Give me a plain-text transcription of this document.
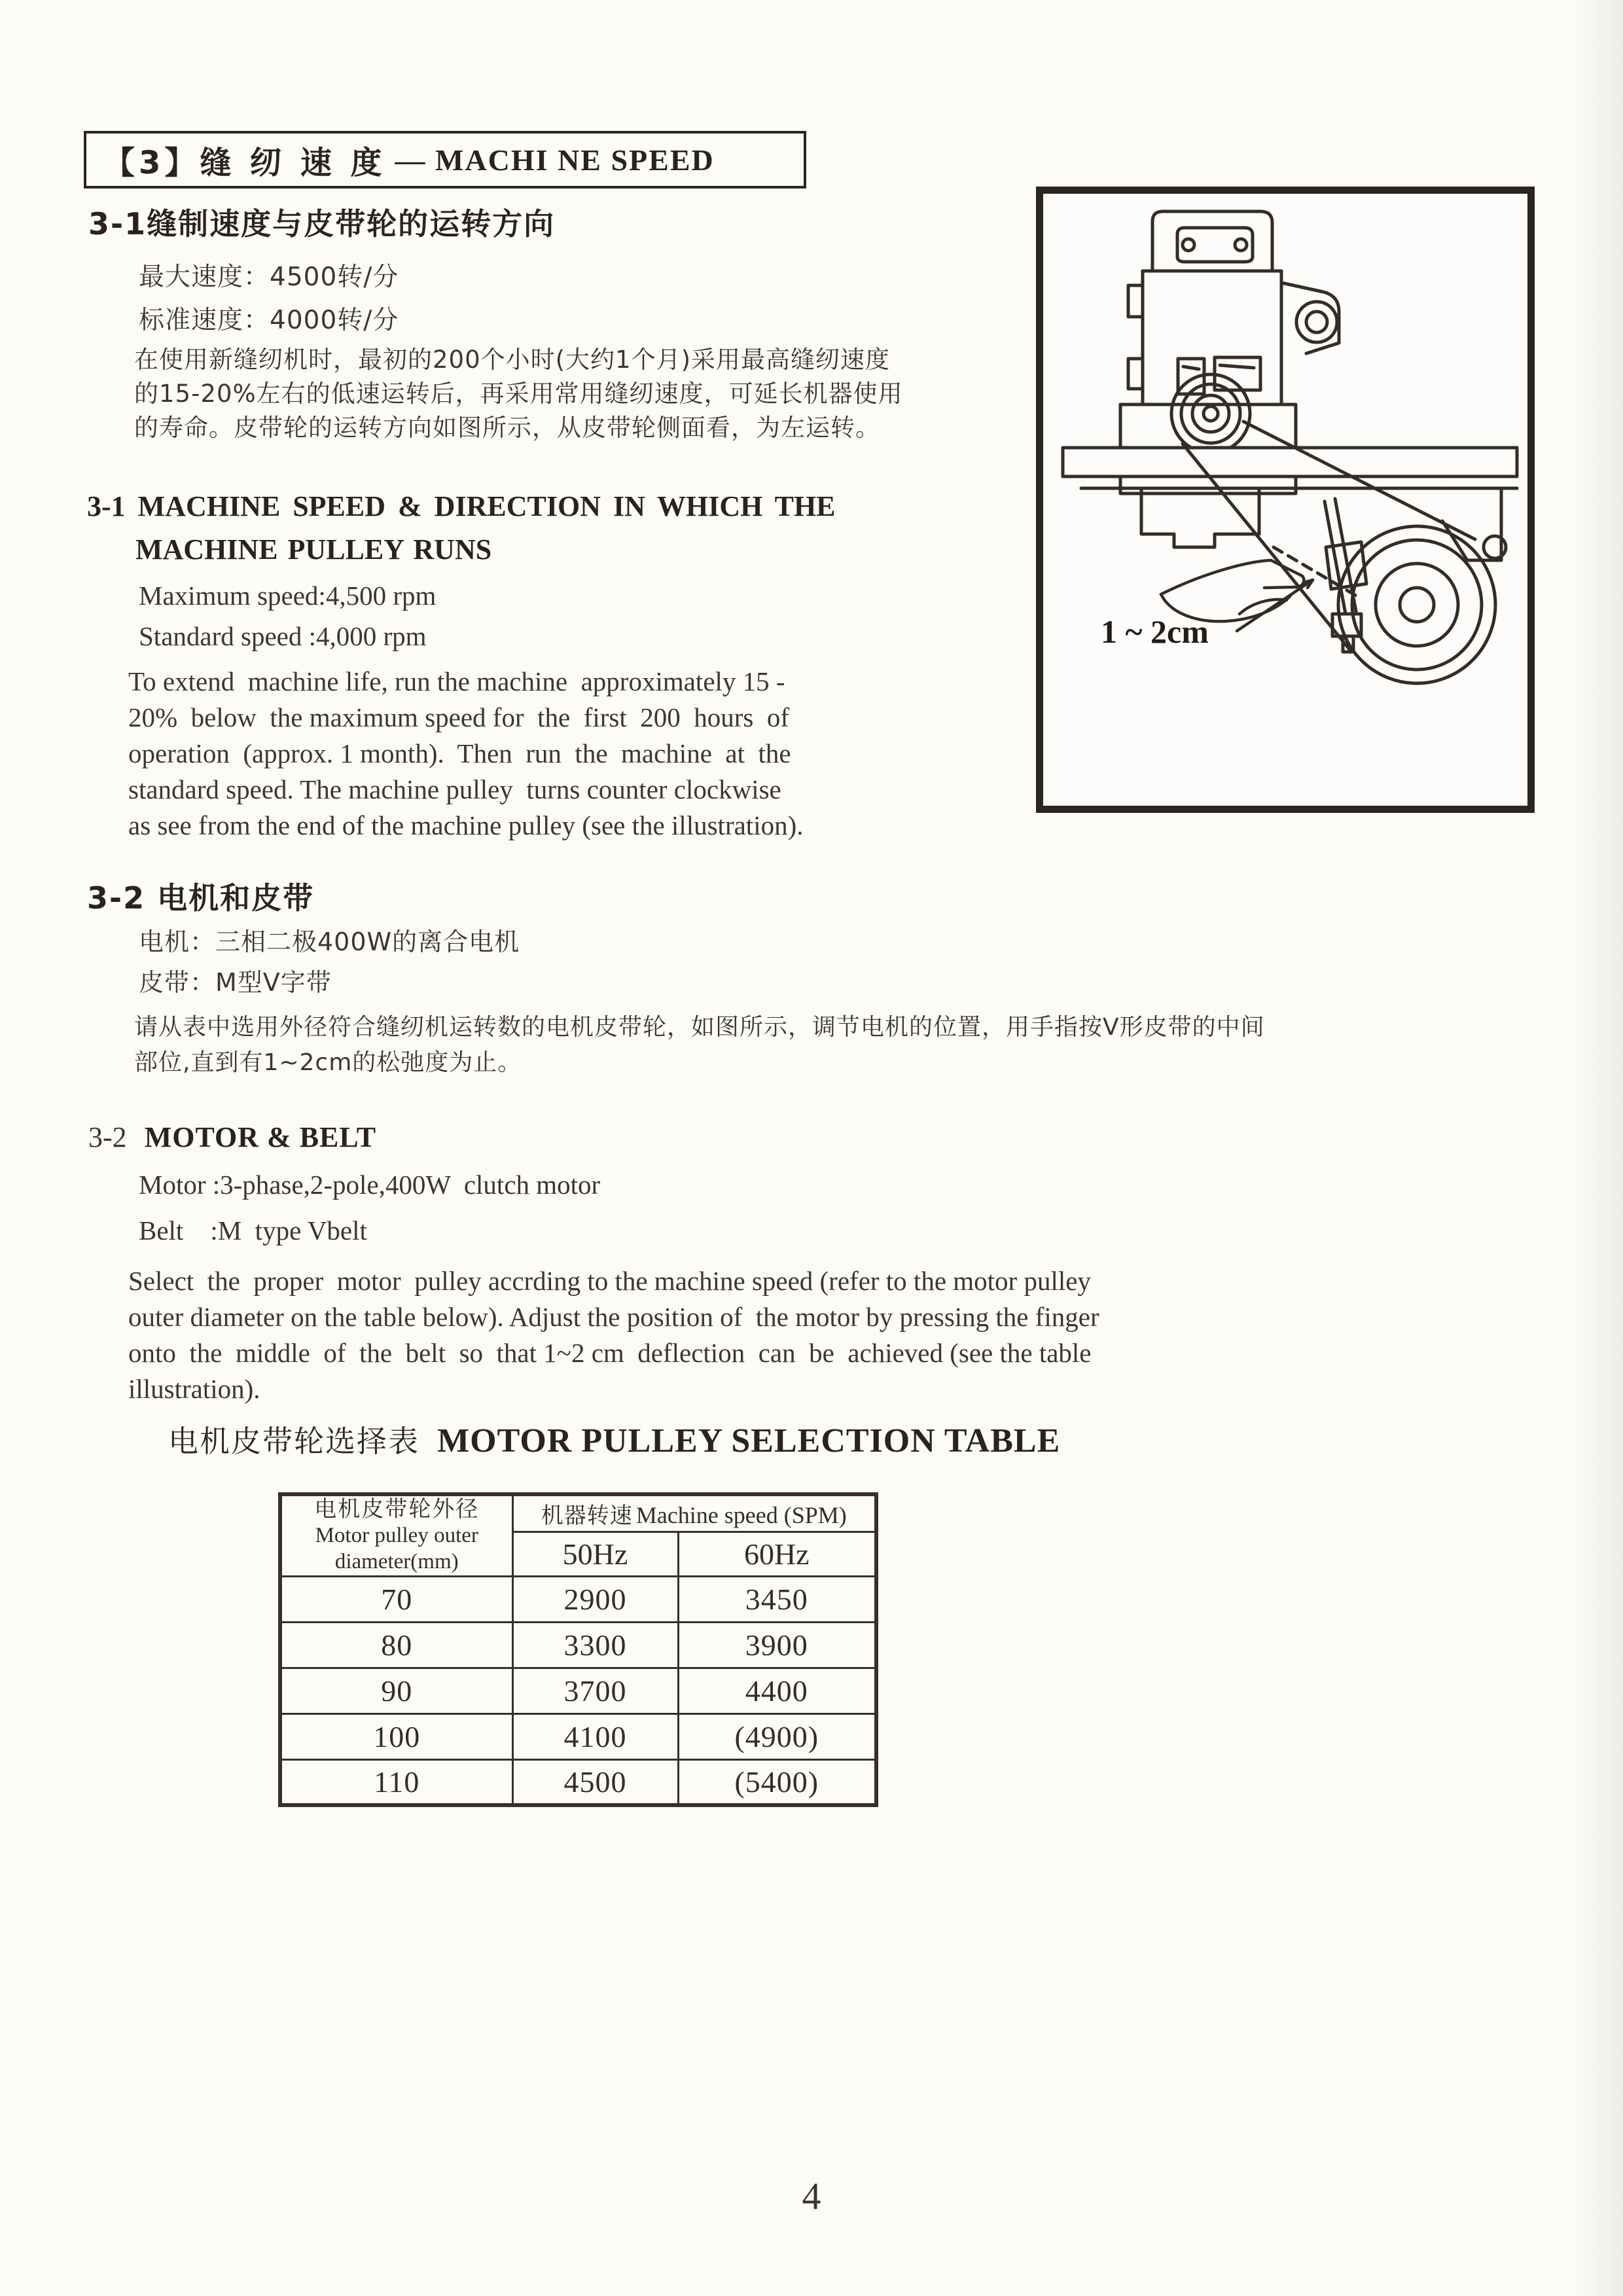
【3】缝 纫 速 度 — MACHI NE SPEED
3-1缝制速度与皮带轮的运转方向
最大速度：4500转/分
标准速度：4000转/分
在使用新缝纫机时，最初的200个小时(大约1个月)采用最高缝纫速度
的15-20%左右的低速运转后，再采用常用缝纫速度，可延长机器使用
的寿命。皮带轮的运转方向如图所示，从皮带轮侧面看，为左运转。
3-1 MACHINE SPEED & DIRECTION IN WHICH THE
MACHINE PULLEY RUNS
Maximum speed:4,500 rpm
Standard speed :4,000 rpm
To extend  machine life, run the machine  approximately 15 -
20%  below  the maximum speed for  the  first  200  hours  of
operation  (approx. 1 month).  Then  run  the  machine  at  the
standard speed. The machine pulley  turns counter clockwise
as see from the end of the machine pulley (see the illustration).
1 ~ 2cm
3-2 电机和皮带
电机：三相二极400W的离合电机
皮带：M型V字带
请从表中选用外径符合缝纫机运转数的电机皮带轮，如图所示，调节电机的位置，用手指按V形皮带的中间
部位,直到有1~2cm的松弛度为止。
3-2 MOTOR & BELT
Motor :3-phase,2-pole,400W  clutch motor
Belt    :M  type Vbelt
Select  the  proper  motor  pulley accrding to the machine speed (refer to the motor pulley
outer diameter on the table below). Adjust the position of  the motor by pressing the finger
onto  the  middle  of  the  belt  so  that 1~2 cm  deflection  can  be  achieved (see the table
illustration).
电机皮带轮选择表 MOTOR PULLEY SELECTION TABLE
电机皮带轮外径
Motor pulley outer
diameter(mm)	机器转速 Machine speed (SPM)	
	50Hz	60Hz
70	2900	3450
80	3300	3900
90	3700	4400
100	4100	(4900)
110	4500	(5400)
4
